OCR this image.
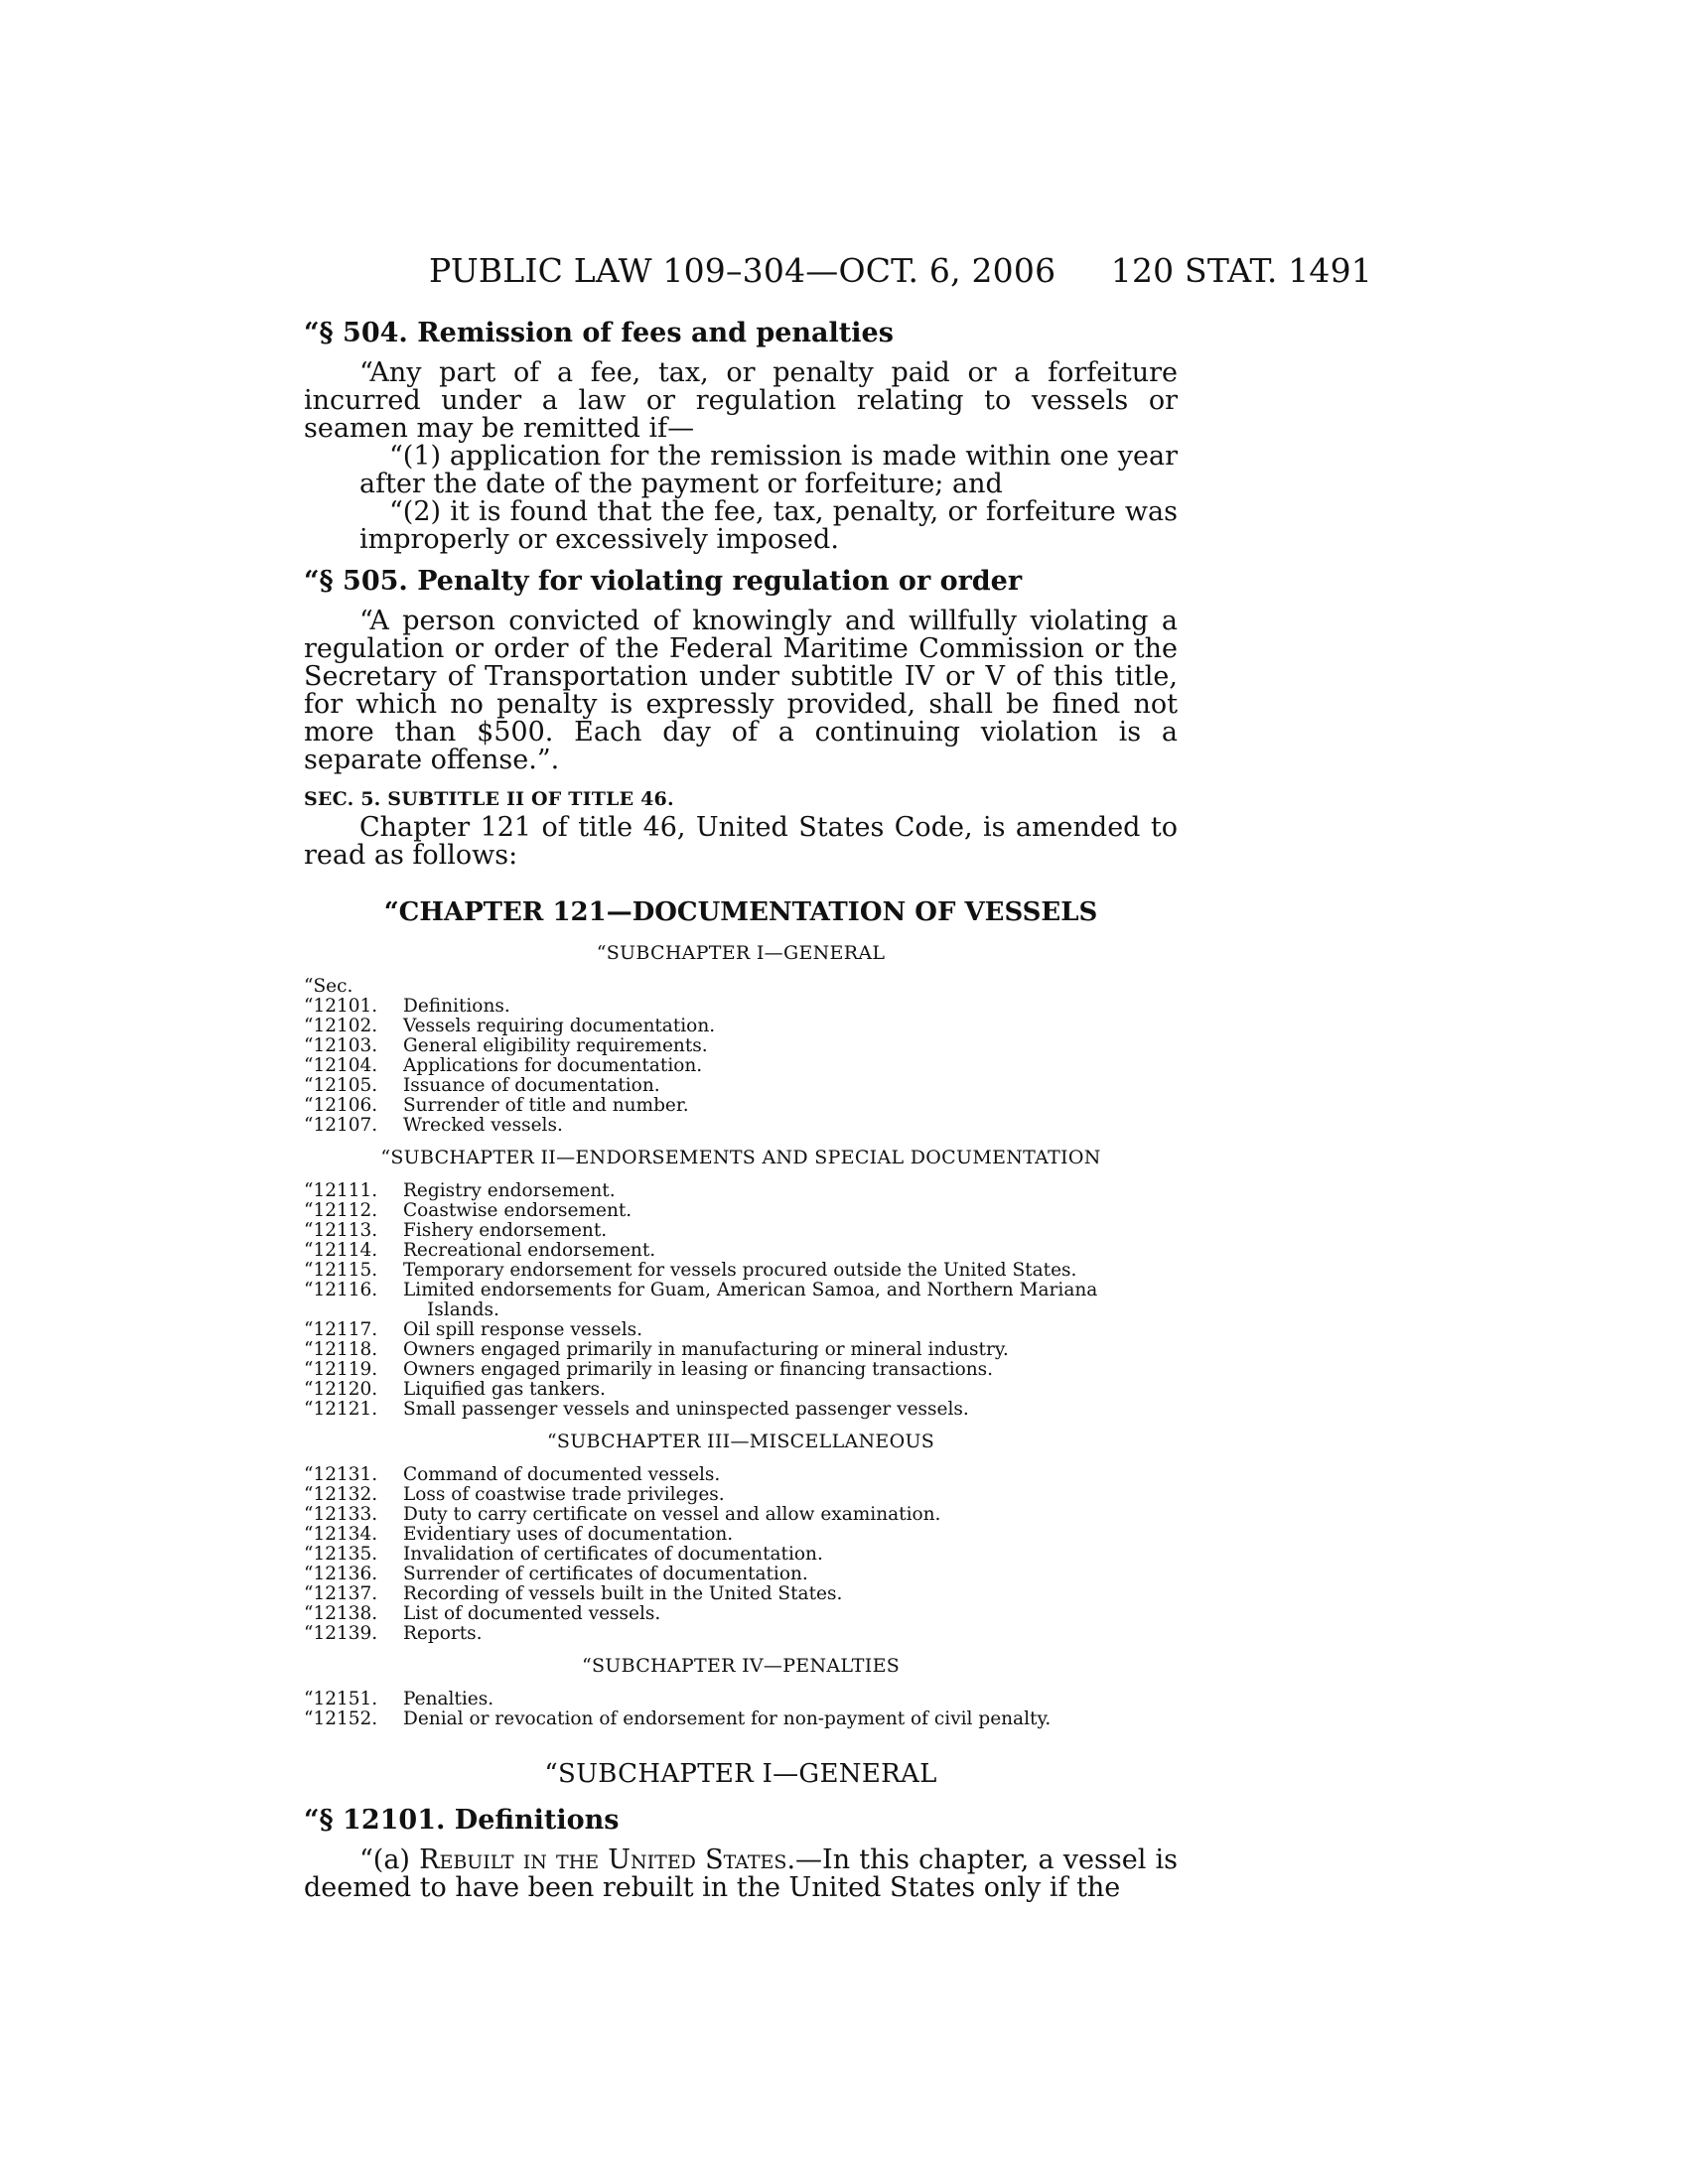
PUBLIC LAW 109–304—OCT. 6, 2006 120 STAT. 1491
“§ 504. Remission of fees and penalties

“Any part of a fee, tax, or penalty paid or a forfeiture incurred under a law or regulation relating to vessels or seamen may be remitted if—

“(1) application for the remission is made within one year after the date of the payment or forfeiture; and

“(2) it is found that the fee, tax, penalty, or forfeiture was improperly or excessively imposed.

“§ 505. Penalty for violating regulation or order

“A person convicted of knowingly and willfully violating a regulation or order of the Federal Maritime Commission or the Secretary of Transportation under subtitle IV or V of this title, for which no penalty is expressly provided, shall be fined not more than $500. Each day of a continuing violation is a separate offense.”.

SEC. 5. SUBTITLE II OF TITLE 46.

Chapter 121 of title 46, United States Code, is amended to read as follows:

“CHAPTER 121—DOCUMENTATION OF VESSELS
“SUBCHAPTER I—GENERAL
“Sec.
“12101.	Definitions.
“12102.	Vessels requiring documentation.
“12103.	General eligibility requirements.
“12104.	Applications for documentation.
“12105.	Issuance of documentation.
“12106.	Surrender of title and number.
“12107.	Wrecked vessels.
“SUBCHAPTER II—ENDORSEMENTS AND SPECIAL DOCUMENTATION
“12111.	Registry endorsement.
“12112.	Coastwise endorsement.
“12113.	Fishery endorsement.
“12114.	Recreational endorsement.
“12115.	Temporary endorsement for vessels procured outside the United States.
“12116.	Limited endorsements for Guam, American Samoa, and Northern Mariana
Islands.
“12117.	Oil spill response vessels.
“12118.	Owners engaged primarily in manufacturing or mineral industry.
“12119.	Owners engaged primarily in leasing or financing transactions.
“12120.	Liquified gas tankers.
“12121.	Small passenger vessels and uninspected passenger vessels.
“SUBCHAPTER III—MISCELLANEOUS
“12131.	Command of documented vessels.
“12132.	Loss of coastwise trade privileges.
“12133.	Duty to carry certificate on vessel and allow examination.
“12134.	Evidentiary uses of documentation.
“12135.	Invalidation of certificates of documentation.
“12136.	Surrender of certificates of documentation.
“12137.	Recording of vessels built in the United States.
“12138.	List of documented vessels.
“12139.	Reports.
“SUBCHAPTER IV—PENALTIES
“12151.	Penalties.
“12152.	Denial or revocation of endorsement for non-payment of civil penalty.
“SUBCHAPTER I—GENERAL
“§ 12101. Definitions

“(a) Rebuilt in the United States.—In this chapter, a vessel is deemed to have been rebuilt in the United States only if the
